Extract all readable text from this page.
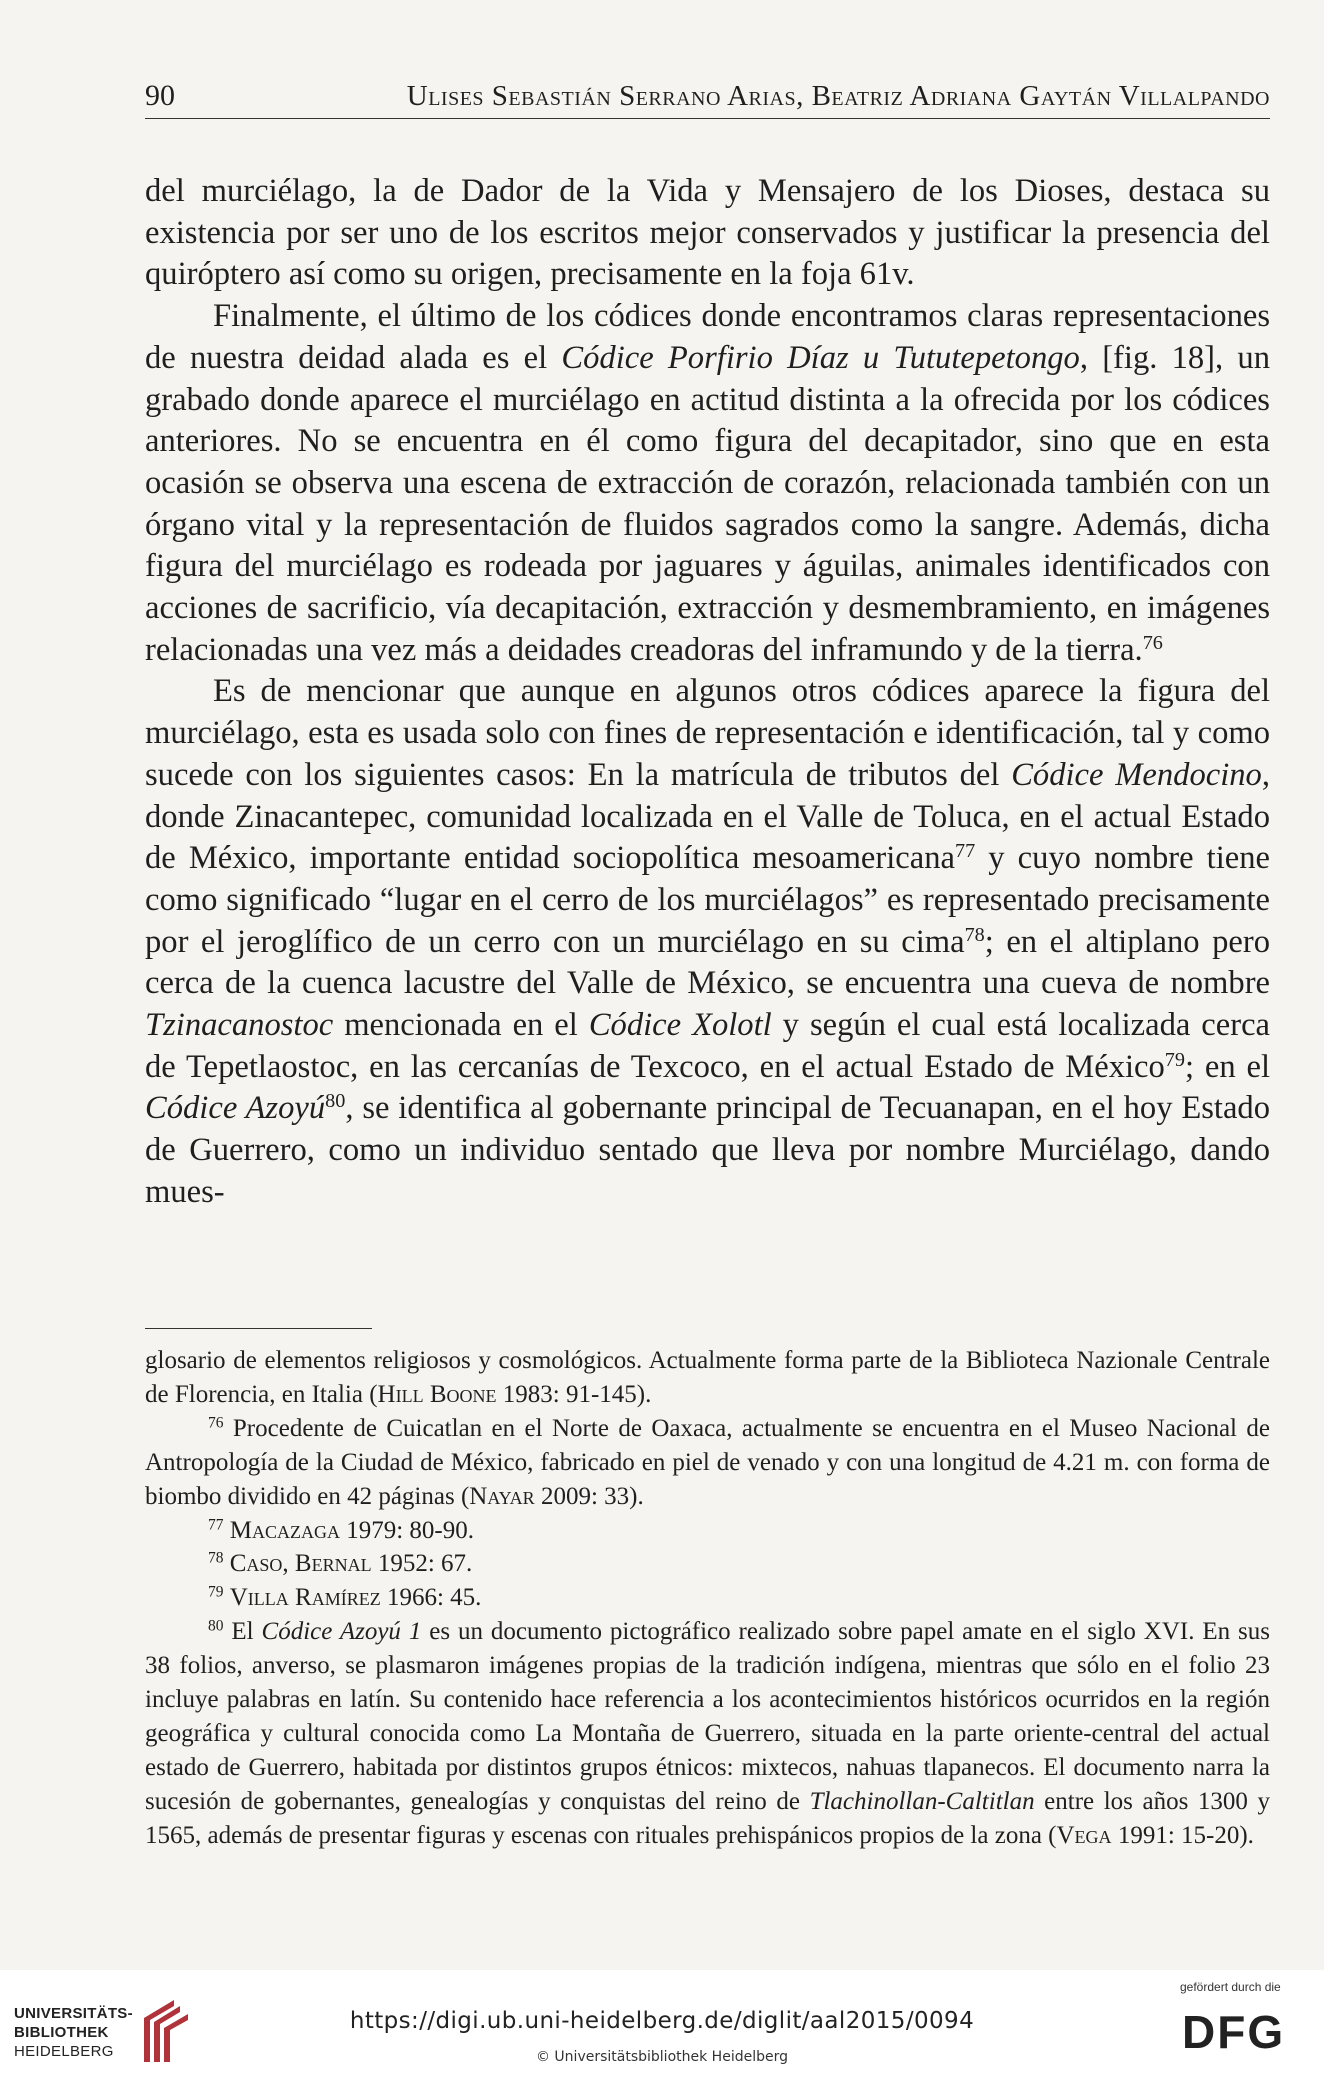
90	Ulises Sebastián Serrano Arias, Beatriz Adriana Gaytán Villalpando

del murciélago, la de Dador de la Vida y Mensajero de los Dioses, destaca su existencia por ser uno de los escritos mejor conservados y justificar la presencia del quiróptero así como su origen, precisamente en la foja 61v.

Finalmente, el último de los códices donde encontramos claras representaciones de nuestra deidad alada es el Códice Porfirio Díaz u Tututepetongo, [fig. 18], un grabado donde aparece el murciélago en actitud distinta a la ofrecida por los códices anteriores. No se encuentra en él como figura del decapitador, sino que en esta ocasión se observa una escena de extracción de corazón, relacionada también con un órgano vital y la representación de fluidos sagrados como la sangre. Además, dicha figura del murciélago es rodeada por jaguares y águilas, animales identificados con acciones de sacrificio, vía decapitación, extracción y desmembramiento, en imágenes relacionadas una vez más a deidades creadoras del inframundo y de la tierra.$^{76}$

Es de mencionar que aunque en algunos otros códices aparece la figura del murciélago, esta es usada solo con fines de representación e identificación, tal y como sucede con los siguientes casos: En la matrícula de tributos del Códice Mendocino, donde Zinacantepec, comunidad localizada en el Valle de Toluca, en el actual Estado de México, importante entidad sociopolítica mesoamericana$^{77}$ y cuyo nombre tiene como significado “lugar en el cerro de los murciélagos” es representado precisamente por el jeroglífico de un cerro con un murciélago en su cima$^{78}$; en el altiplano pero cerca de la cuenca lacustre del Valle de México, se encuentra una cueva de nombre Tzinacanostoc mencionada en el Códice Xolotl y según el cual está localizada cerca de Tepetlaostoc, en las cercanías de Texcoco, en el actual Estado de México$^{79}$; en el Códice Azoyú$^{80}$, se identifica al gobernante principal de Tecuanapan, en el hoy Estado de Guerrero, como un individuo sentado que lleva por nombre Murciélago, dando mues-

glosario de elementos religiosos y cosmológicos. Actualmente forma parte de la Biblioteca Nazionale Centrale de Florencia, en Italia (Hill Boone 1983: 91-145).

$^{76}$ Procedente de Cuicatlan en el Norte de Oaxaca, actualmente se encuentra en el Museo Nacional de Antropología de la Ciudad de México, fabricado en piel de venado y con una longitud de 4.21 m. con forma de biombo dividido en 42 páginas (Nayar 2009: 33).

$^{77}$ Macazaga 1979: 80-90.

$^{78}$ Caso, Bernal 1952: 67.

$^{79}$ Villa Ramírez 1966: 45.

$^{80}$ El Códice Azoyú 1 es un documento pictográfico realizado sobre papel amate en el siglo XVI. En sus 38 folios, anverso, se plasmaron imágenes propias de la tradición indígena, mientras que sólo en el folio 23 incluye palabras en latín. Su contenido hace referencia a los acontecimientos históricos ocurridos en la región geográfica y cultural conocida como La Montaña de Guerrero, situada en la parte oriente-central del actual estado de Guerrero, habitada por distintos grupos étnicos: mixtecos, nahuas tlapanecos. El documento narra la sucesión de gobernantes, genealogías y conquistas del reino de Tlachinollan-Caltitlan entre los años 1300 y 1565, además de presentar figuras y escenas con rituales prehispánicos propios de la zona (Vega 1991: 15-20).

UNIVERSITÄTS-
BIBLIOTHEK
HEIDELBERG
https://digi.ub.uni-heidelberg.de/diglit/aal2015/0094
© Universitätsbibliothek Heidelberg
gefördert durch die
DFG
